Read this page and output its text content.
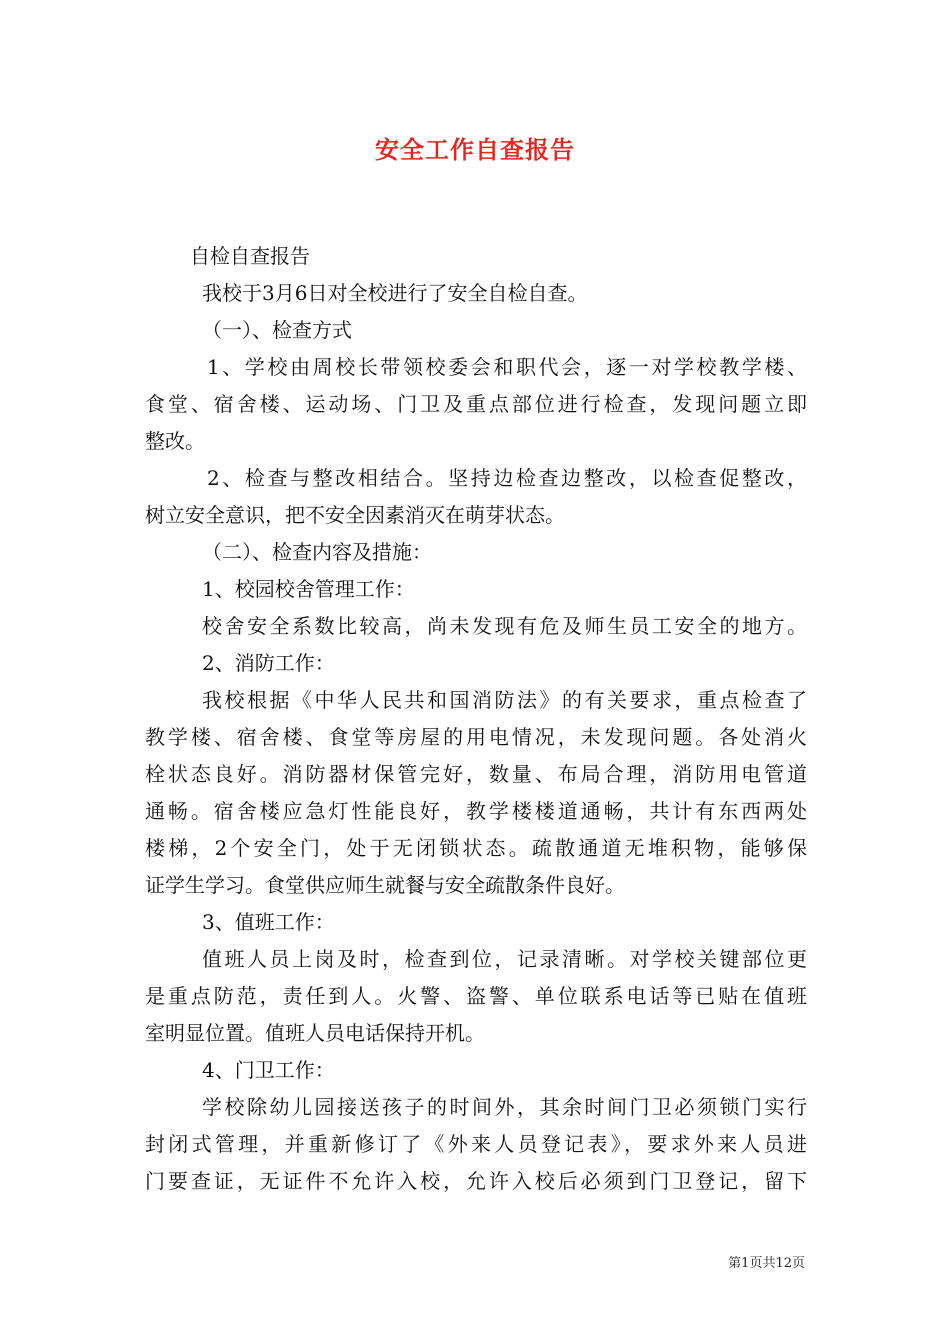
安全工作自查报告
自检自查报告
我校于3月6日对全校进行了安全自检自查。
（一）、检查方式
1、学校由周校长带领校委会和职代会，逐一对学校教学楼、
食堂、宿舍楼、运动场、门卫及重点部位进行检查，发现问题立即
整改。
2、检查与整改相结合。坚持边检查边整改，以检查促整改，
树立安全意识，把不安全因素消灭在萌芽状态。
（二）、检查内容及措施：
1、校园校舍管理工作：
校舍安全系数比较高，尚未发现有危及师生员工安全的地方。
2、消防工作：
我校根据《中华人民共和国消防法》的有关要求，重点检查了
教学楼、宿舍楼、食堂等房屋的用电情况，未发现问题。各处消火
栓状态良好。消防器材保管完好，数量、布局合理，消防用电管道
通畅。宿舍楼应急灯性能良好，教学楼楼道通畅，共计有东西两处
楼梯，2个安全门，处于无闭锁状态。疏散通道无堆积物，能够保
证学生学习。食堂供应师生就餐与安全疏散条件良好。
3、值班工作：
值班人员上岗及时，检查到位，记录清晰。对学校关键部位更
是重点防范，责任到人。火警、盗警、单位联系电话等已贴在值班
室明显位置。值班人员电话保持开机。
4、门卫工作：
学校除幼儿园接送孩子的时间外，其余时间门卫必须锁门实行
封闭式管理，并重新修订了《外来人员登记表》，要求外来人员进
门要查证，无证件不允许入校，允许入校后必须到门卫登记，留下
第1页共12页
